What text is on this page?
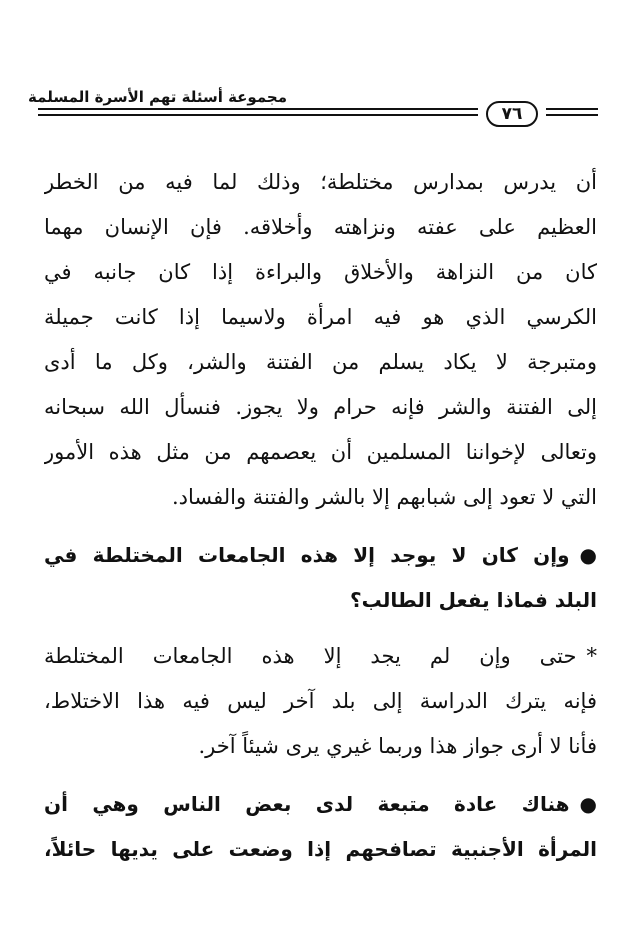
مجموعة أسئلة تهم الأسرة المسلمة
٧٦
أن يدرس بمدارس مختلطة؛ وذلك لما فيه من الخطر
العظيم على عفته ونزاهته وأخلاقه. فإن الإنسان مهما
كان من النزاهة والأخلاق والبراءة إذا كان جانبه في
الكرسي الذي هو فيه امرأة ولاسيما إذا كانت جميلة
ومتبرجة لا يكاد يسلم من الفتنة والشر، وكل ما أدى
إلى الفتنة والشر فإنه حرام ولا يجوز. فنسأل الله سبحانه
وتعالى لإخواننا المسلمين أن يعصمهم من مثل هذه الأمور
التي لا تعود إلى شبابهم إلا بالشر والفتنة والفساد.
●وإن كان لا يوجد إلا هذه الجامعات المختلطة في
البلد فماذا يفعل الطالب؟
*حتى وإن لم يجد إلا هذه الجامعات المختلطة
فإنه يترك الدراسة إلى بلد آخر ليس فيه هذا الاختلاط،
فأنا لا أرى جواز هذا وربما غيري يرى شيئاً آخر.
●هناك عادة متبعة لدى بعض الناس وهي أن
المرأة الأجنبية تصافحهم إذا وضعت على يديها حائلاً،
